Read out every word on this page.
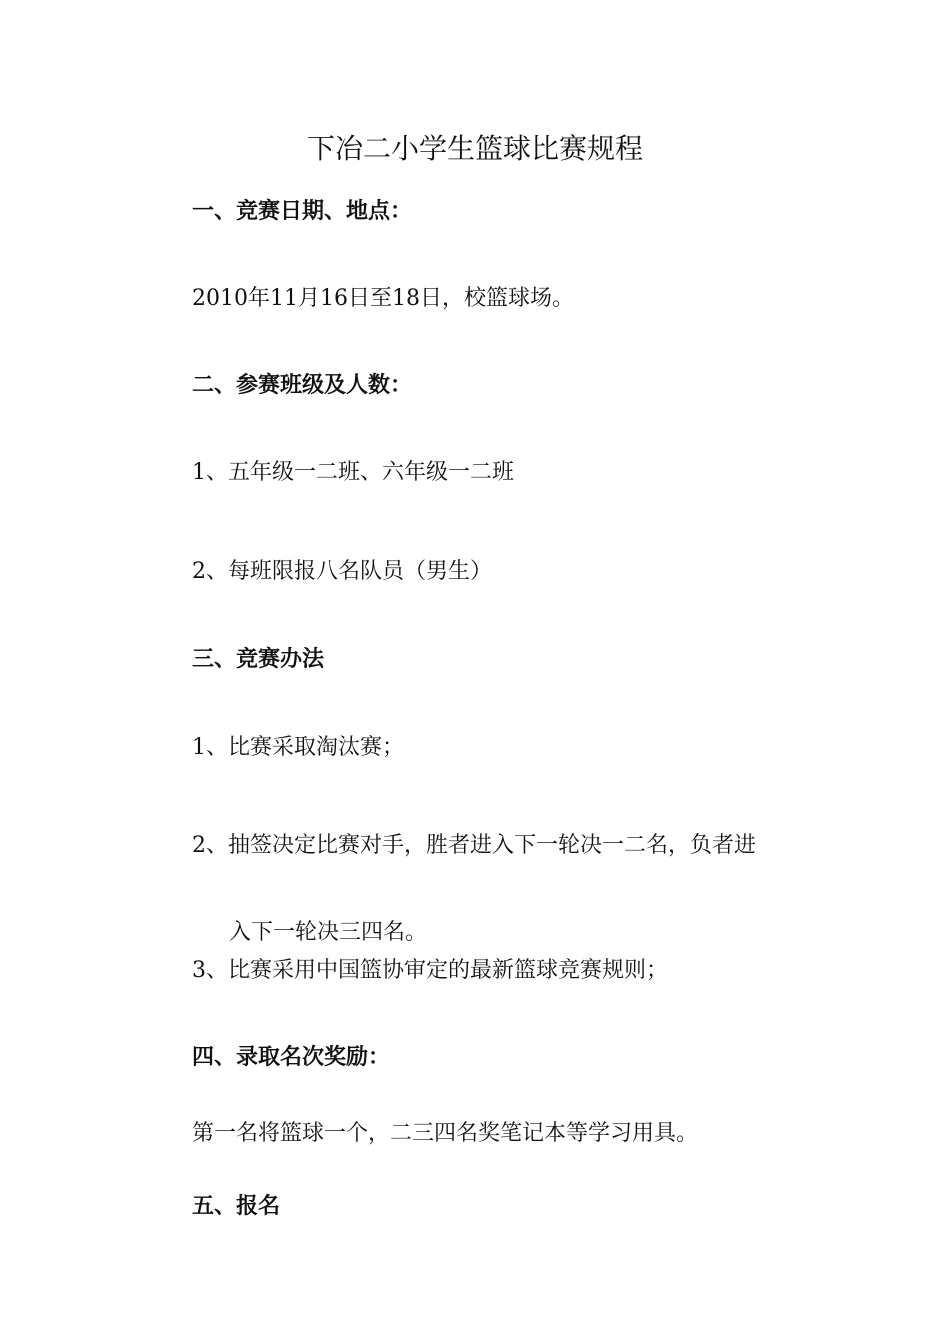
下冶二小学生篮球比赛规程
一、竞赛日期、地点：
2010年11月16日至18日，校篮球场。
二、参赛班级及人数：
1、五年级一二班、六年级一二班
2、每班限报八名队员（男生）
三、竞赛办法
1、比赛采取淘汰赛；
2、抽签决定比赛对手，胜者进入下一轮决一二名，负者进
入下一轮决三四名。
3、比赛采用中国篮协审定的最新篮球竞赛规则；
四、录取名次奖励：
第一名将篮球一个，二三四名奖笔记本等学习用具。
五、报名
